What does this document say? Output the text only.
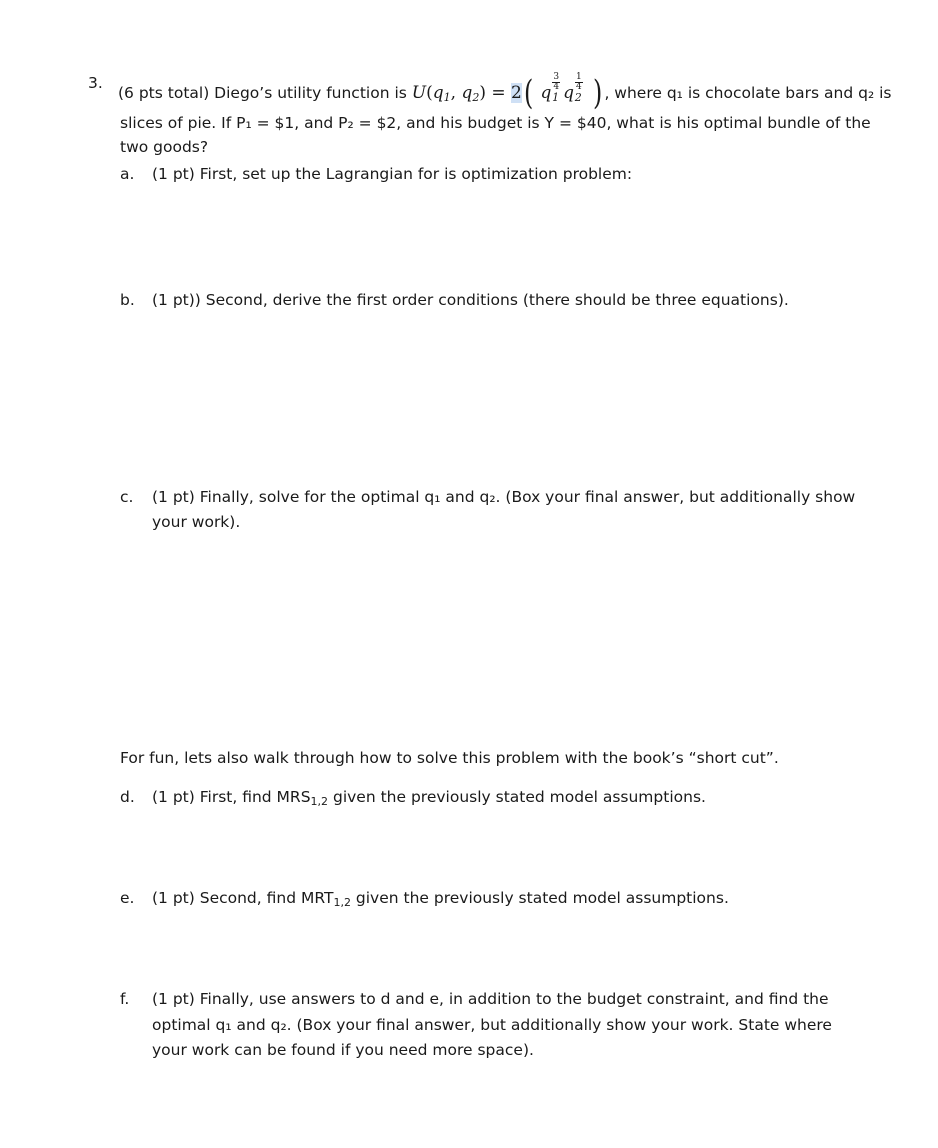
3.
(6 pts total) Diego’s utility function is U(q1, q2) = 2( q
$\frac{3}{4}$
1 q
$\frac{1}{4}$
2 ) , where q₁ is chocolate bars and q₂ is
slices of pie. If P₁ = $1, and P₂ = $2, and his budget is Y = $40, what is his optimal bundle of the
two goods?
a. (1 pt) First, set up the Lagrangian for is optimization problem:
b. (1 pt)) Second, derive the first order conditions (there should be three equations).
c. (1 pt) Finally, solve for the optimal q₁ and q₂. (Box your final answer, but additionally show
your work).
For fun, lets also walk through how to solve this problem with the book’s “short cut”.
d. (1 pt) First, find $MRS_{1,2}$ given the previously stated model assumptions.
e. (1 pt) Second, find $MRT_{1,2}$ given the previously stated model assumptions.
f. (1 pt) Finally, use answers to d and e, in addition to the budget constraint, and find the
optimal q₁ and q₂. (Box your final answer, but additionally show your work. State where
your work can be found if you need more space).
